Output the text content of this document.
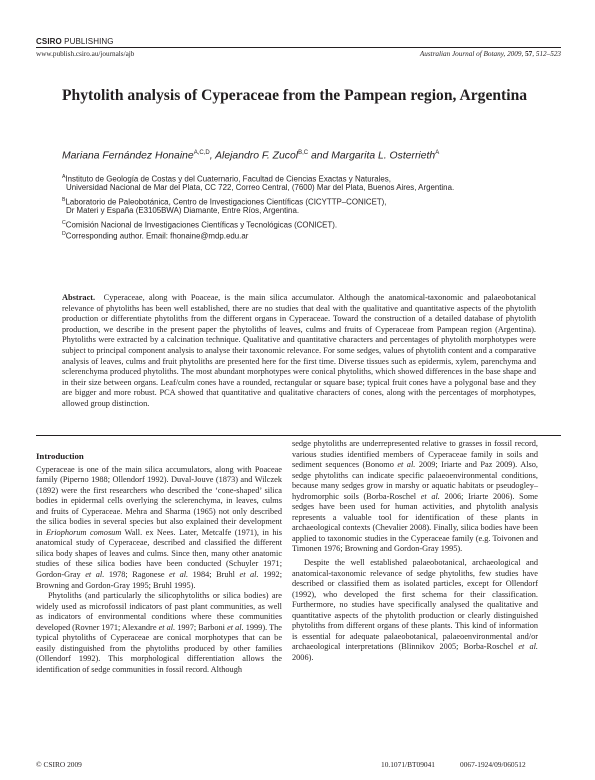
CSIRO PUBLISHING
www.publish.csiro.au/journals/ajb	Australian Journal of Botany, 2009, 57, 512–523
Phytolith analysis of Cyperaceae from the Pampean region, Argentina
Mariana Fernández Honaine$^{A,C,D}$, Alejandro F. Zucol$^{B,C}$ and Margarita L. Osterrieth$^A$
$^A$Instituto de Geología de Costas y del Cuaternario, Facultad de Ciencias Exactas y Naturales,
Universidad Nacional de Mar del Plata, CC 722, Correo Central, (7600) Mar del Plata, Buenos Aires, Argentina.
$^B$Laboratorio de Paleobotánica, Centro de Investigaciones Científicas (CICYTTP–CONICET),
Dr Materi y España (E3105BWA) Diamante, Entre Ríos, Argentina.
$^C$Comisión Nacional de Investigaciones Científicas y Tecnológicas (CONICET).
$^D$Corresponding author. Email: fhonaine@mdp.edu.ar
Abstract. Cyperaceae, along with Poaceae, is the main silica accumulator. Although the anatomical-taxonomic and palaeobotanical relevance of phytoliths has been well established, there are no studies that deal with the qualitative and quantitative aspects of the phytolith production or differentiate phytoliths from the different organs in Cyperaceae. Toward the construction of a detailed database of phytolith production, we describe in the present paper the phytoliths of leaves, culms and fruits of Cyperaceae from Pampean region (Argentina). Phytoliths were extracted by a calcination technique. Qualitative and quantitative characters and percentages of phytolith morphotypes were subject to principal component analysis to analyse their taxonomic relevance. For some sedges, values of phytolith content and a comparative analysis of leaves, culms and fruit phytoliths are presented here for the first time. Diverse tissues such as epidermis, xylem, parenchyma and sclerenchyma produced phytoliths. The most abundant morphotypes were conical phytoliths, which showed differences in the base shape and in their size between organs. Leaf/culm cones have a rounded, rectangular or square base; typical fruit cones have a polygonal base and they are bigger and more robust. PCA showed that quantitative and qualitative characters of cones, along with the percentages of morphotypes, allowed group distinction.
Introduction

Cyperaceae is one of the main silica accumulators, along with Poaceae family (Piperno 1988; Ollendorf 1992). Duval-Jouve (1873) and Wilczek (1892) were the first researchers who described the ‘cone-shaped’ silica bodies in epidermal cells overlying the sclerenchyma, in leaves, culms and fruits of Cyperaceae. Mehra and Sharma (1965) not only described the silica bodies in several species but also explained their development in Eriophorum comosum Wall. ex Nees. Later, Metcalfe (1971), in his anatomical study of Cyperaceae, described and classified the different silica body shapes of leaves and culms. Since then, many other anatomic studies of these silica bodies have been conducted (Schuyler 1971; Gordon-Gray et al. 1978; Ragonese et al. 1984; Bruhl et al. 1992; Browning and Gordon-Gray 1995; Bruhl 1995).

Phytoliths (and particularly the silicophytoliths or silica bodies) are widely used as microfossil indicators of past plant communities, as well as indicators of environmental conditions where these communities developed (Rovner 1971; Alexandre et al. 1997; Barboni et al. 1999). The typical phytoliths of Cyperaceae are conical morphotypes that can be easily distinguished from the phytoliths produced by other families (Ollendorf 1992). This morphological differentiation allows the identification of sedge communities in fossil record. Although

sedge phytoliths are underrepresented relative to grasses in fossil record, various studies identified members of Cyperaceae family in soils and sediment sequences (Bonomo et al. 2009; Iriarte and Paz 2009). Also, sedge phytoliths can indicate specific palaeoenvironmental conditions, because many sedges grow in marshy or aquatic habitats or pseudogley–hydromorphic soils (Borba-Roschel et al. 2006; Iriarte 2006). Some sedges have been used for human activities, and phytolith analysis represents a valuable tool for identification of these plants in archaeological contexts (Chevalier 2008). Finally, silica bodies have been applied to taxonomic studies in the Cyperaceae family (e.g. Toivonen and Timonen 1976; Browning and Gordon-Gray 1995).

Despite the well established palaeobotanical, archaeological and anatomical-taxonomic relevance of sedge phytoliths, few studies have described or classified them as isolated particles, except for Ollendorf (1992), who developed the first schema for their classification. Furthermore, no studies have specifically analysed the qualitative and quantitative aspects of the phytolith production or clearly distinguished phytoliths from different organs of these plants. This kind of information is essential for adequate palaeobotanical, palaeoenvironmental and/or archaeological interpretations (Blinnikov 2005; Borba-Roschel et al. 2006).

© CSIRO 2009	10.1071/BT09041	0067-1924/09/060512
